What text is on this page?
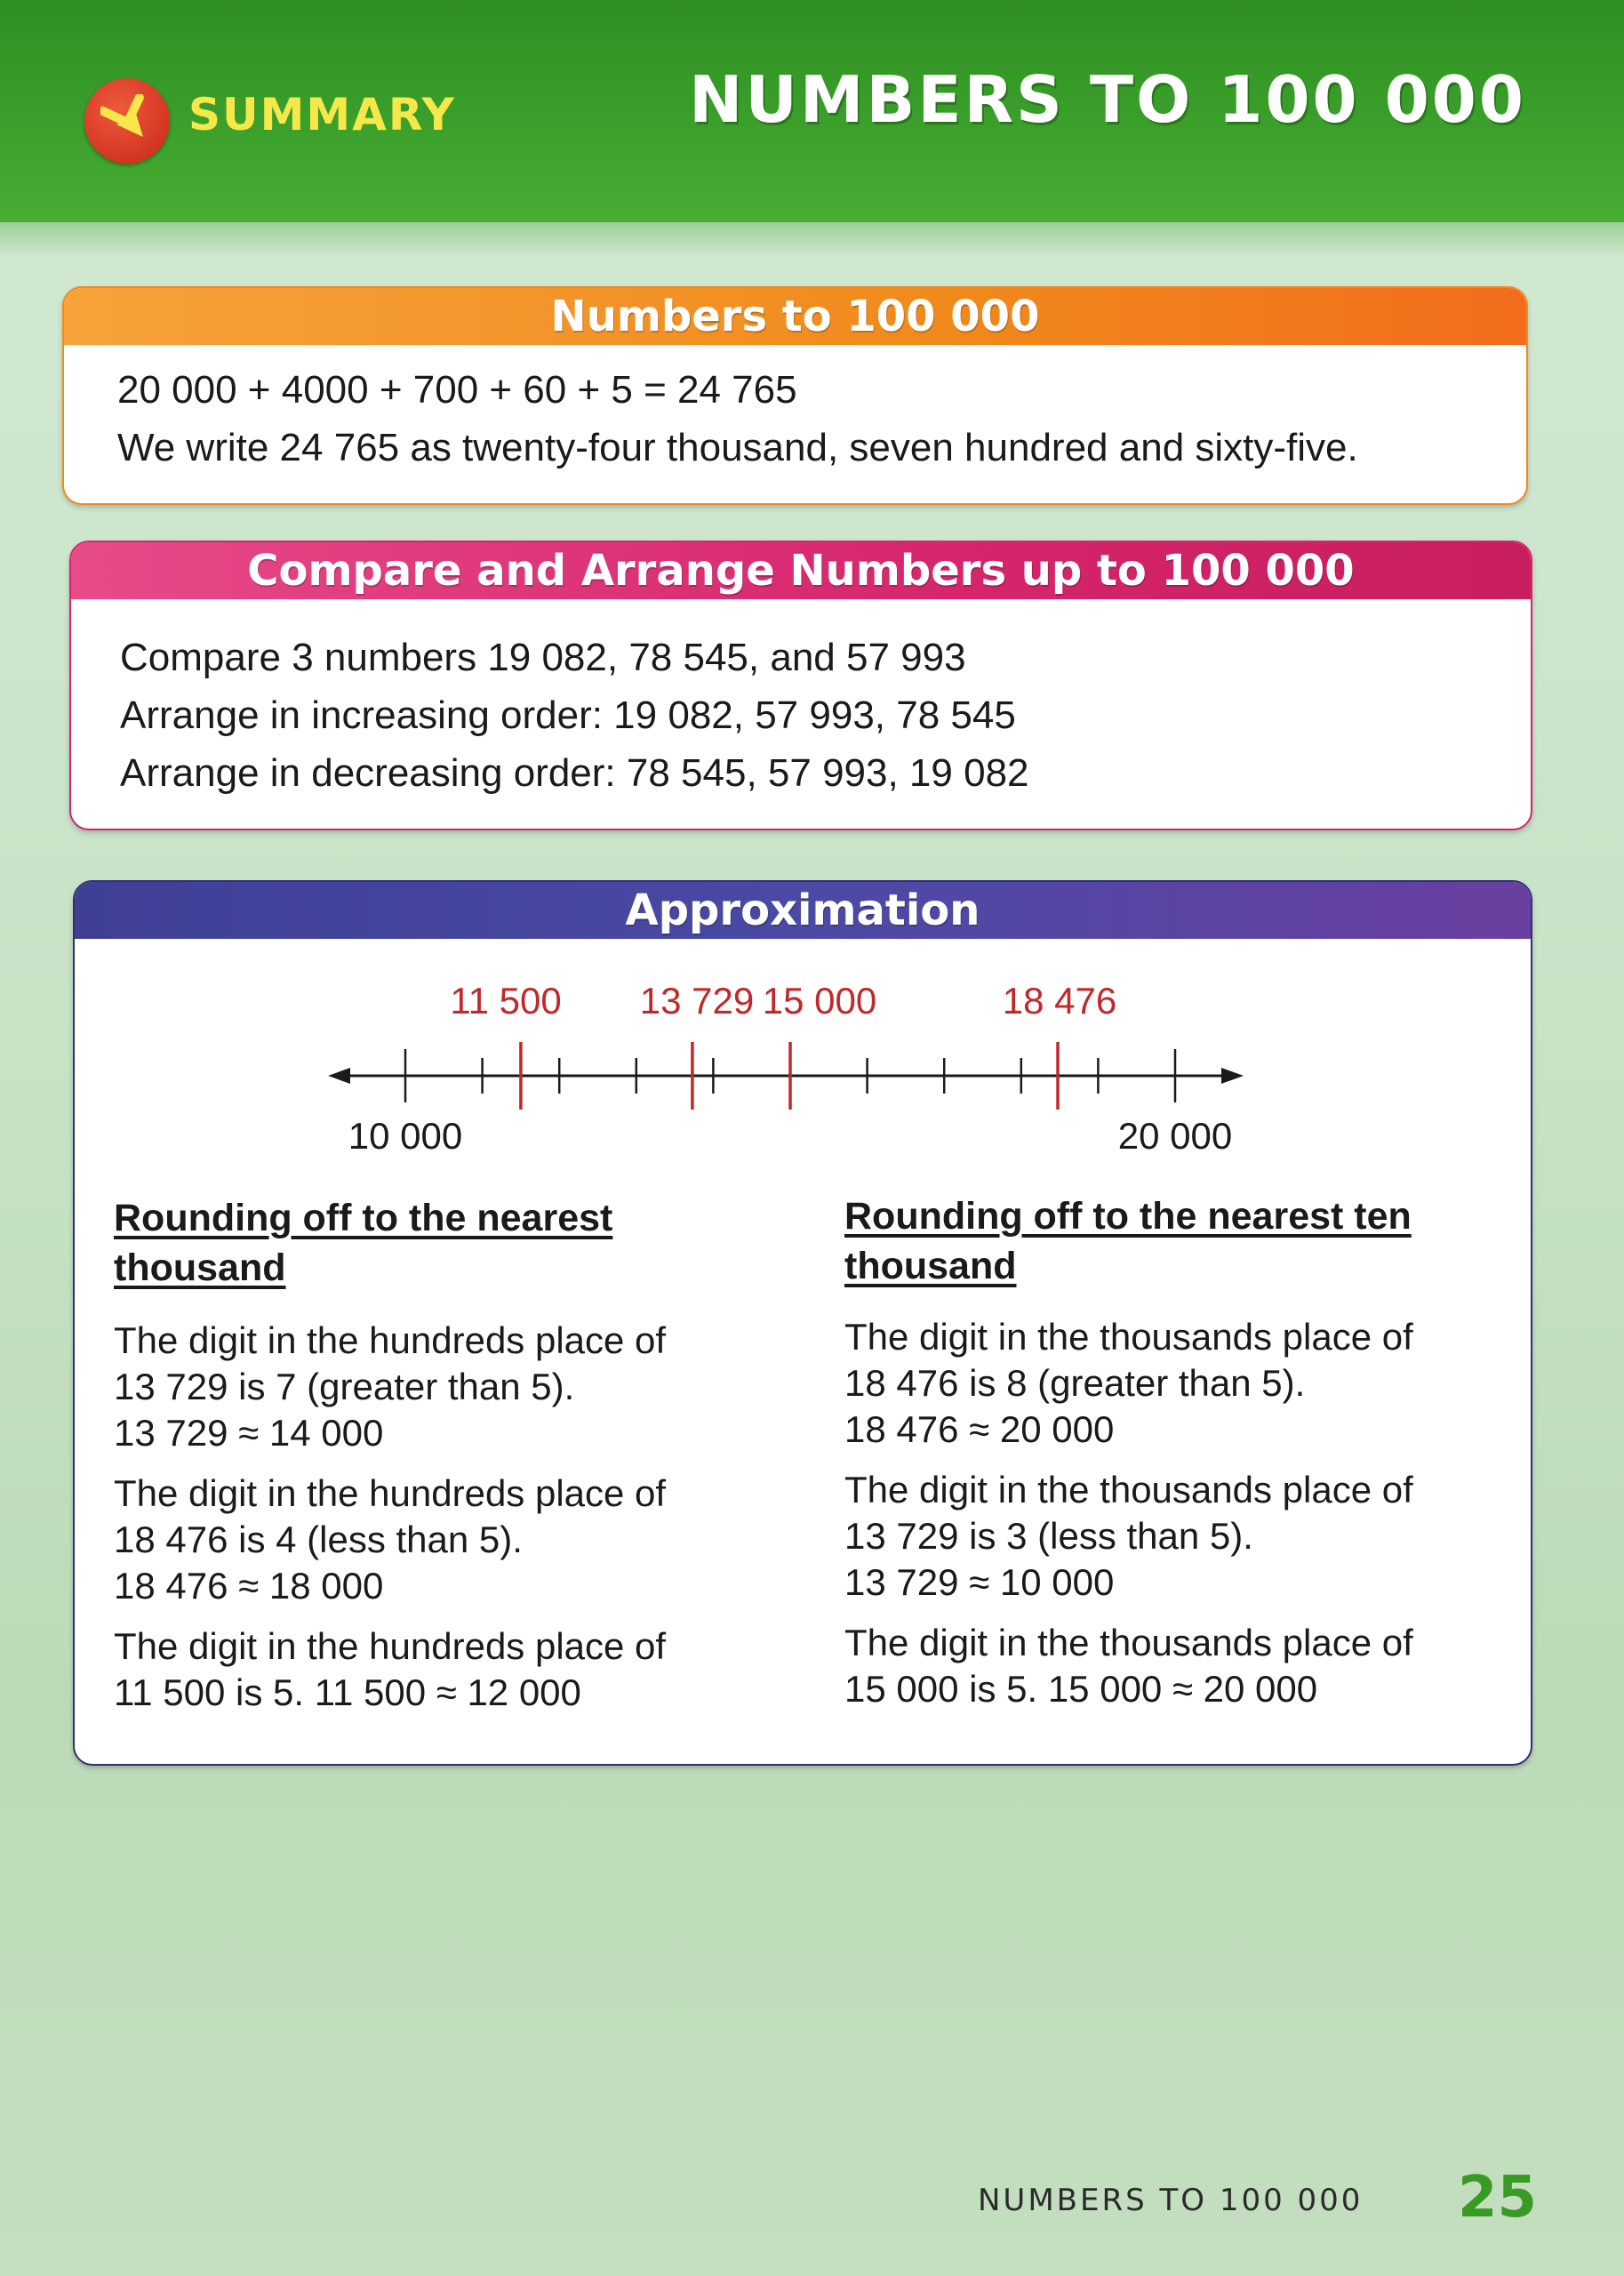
SUMMARY	NUMBERS TO 100 000
Numbers to 100 000
20 000 + 4000 + 700 + 60 + 5 = 24 765
We write 24 765 as twenty-four thousand, seven hundred and sixty-five.
Compare and Arrange Numbers up to 100 000
Compare 3 numbers 19 082, 78 545, and 57 993
Arrange in increasing order: 19 082, 57 993, 78 545
Arrange in decreasing order: 78 545, 57 993, 19 082
Approximation
11 500 13 729 15 000	18 476
10 000	20 000
Rounding off to the nearest
thousand
Rounding off to the nearest ten
thousand
The digit in the hundreds place of
13 729 is 7 (greater than 5).
13 729 ≈ 14 000
The digit in the hundreds place of
18 476 is 4 (less than 5).
18 476 ≈ 18 000
The digit in the hundreds place of
11 500 is 5. 11 500 ≈ 12 000
The digit in the thousands place of
18 476 is 8 (greater than 5).
18 476 ≈ 20 000
The digit in the thousands place of
13 729 is 3 (less than 5).
13 729 ≈ 10 000
The digit in the thousands place of
15 000 is 5. 15 000 ≈ 20 000
NUMBERS TO 100 000 25
